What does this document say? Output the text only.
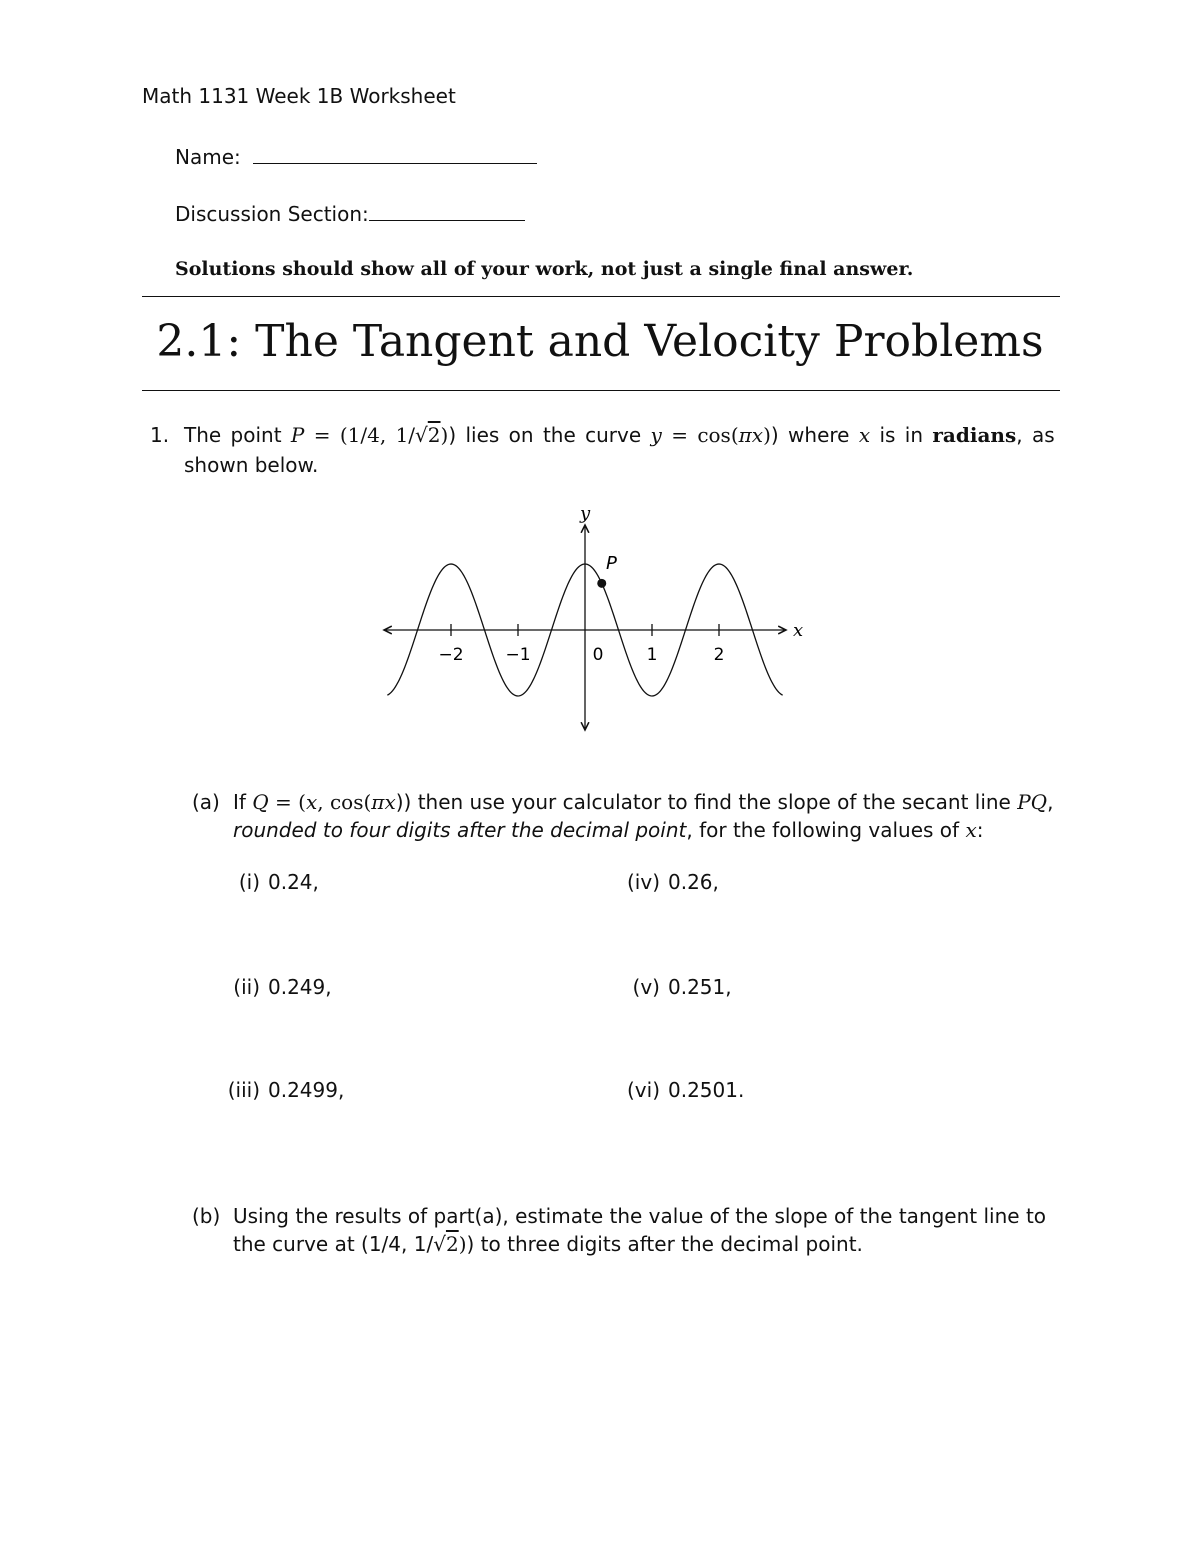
Math 1131 Week 1B Worksheet
Name:
Discussion Section:
Solutions should show all of your work, not just a single final answer.
2.1: The Tangent and Velocity Problems
1. The point P = (1/4, 1/√2)) lies on the curve y = cos(πx)) where x is in radians, as
shown below.
y
x
P
−2 −1	0	1	2
(a) If Q = (x, cos(πx)) then use your calculator to find the slope of the secant line PQ,
rounded to four digits after the decimal point, for the following values of x:
(i) 0.24,
(ii) 0.249,
(iii) 0.2499,
(iv) 0.26,
(v) 0.251,
(vi) 0.2501.
(b) Using the results of part(a), estimate the value of the slope of the tangent line to
the curve at (1/4, 1/√2)) to three digits after the decimal point.
